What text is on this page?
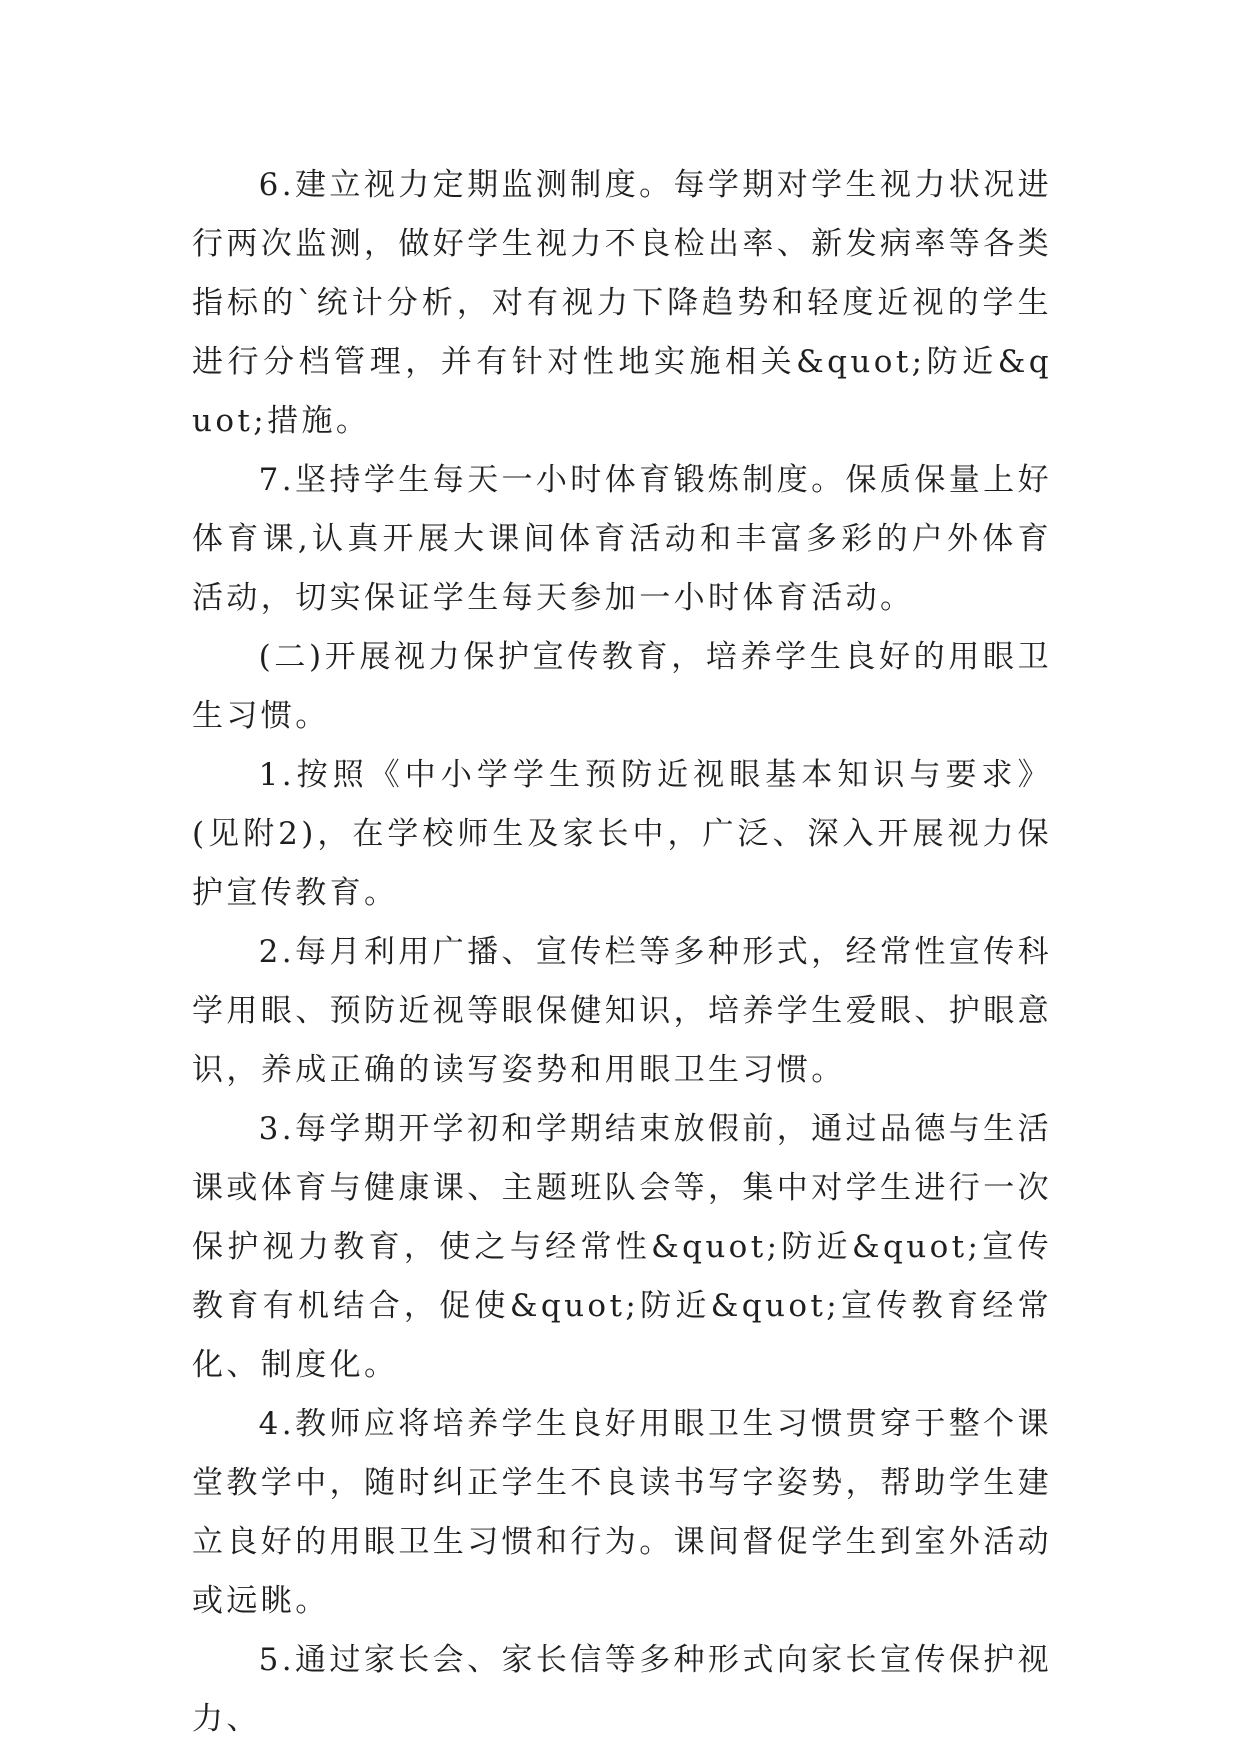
6.建立视力定期监测制度。每学期对学生视力状况进行两次监测，做好学生视力不良检出率、新发病率等各类指标的`统计分析，对有视力下降趋势和轻度近视的学生进行分档管理，并有针对性地实施相关&quot;防近&quot;措施。

7.坚持学生每天一小时体育锻炼制度。保质保量上好体育课,认真开展大课间体育活动和丰富多彩的户外体育活动，切实保证学生每天参加一小时体育活动。

(二)开展视力保护宣传教育，培养学生良好的用眼卫生习惯。

1.按照《中小学学生预防近视眼基本知识与要求》(见附2)，在学校师生及家长中，广泛、深入开展视力保护宣传教育。

2.每月利用广播、宣传栏等多种形式，经常性宣传科学用眼、预防近视等眼保健知识，培养学生爱眼、护眼意识，养成正确的读写姿势和用眼卫生习惯。

3.每学期开学初和学期结束放假前，通过品德与生活课或体育与健康课、主题班队会等，集中对学生进行一次保护视力教育，使之与经常性&quot;防近&quot;宣传教育有机结合，促使&quot;防近&quot;宣传教育经常化、制度化。

4.教师应将培养学生良好用眼卫生习惯贯穿于整个课堂教学中，随时纠正学生不良读书写字姿势，帮助学生建立良好的用眼卫生习惯和行为。课间督促学生到室外活动或远眺。

5.通过家长会、家长信等多种形式向家长宣传保护视力、
